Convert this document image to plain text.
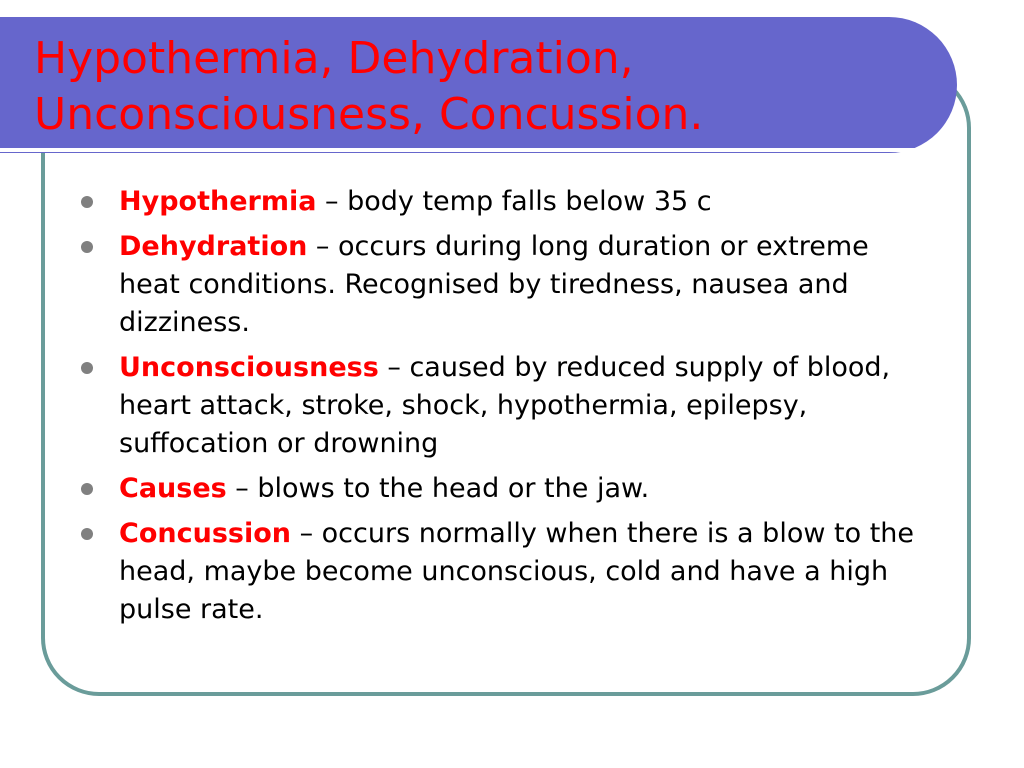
Hypothermia, Dehydration,
Unconsciousness, Concussion.
Hypothermia – body temp falls below 35 c
Dehydration – occurs during long duration or extreme heat conditions. Recognised by tiredness, nausea and dizziness.
Unconsciousness – caused by reduced supply of blood, heart attack, stroke, shock, hypothermia, epilepsy, suffocation or drowning
Causes – blows to the head or the jaw.
Concussion – occurs normally when there is a blow to the head, maybe become unconscious, cold and have a high pulse rate.
